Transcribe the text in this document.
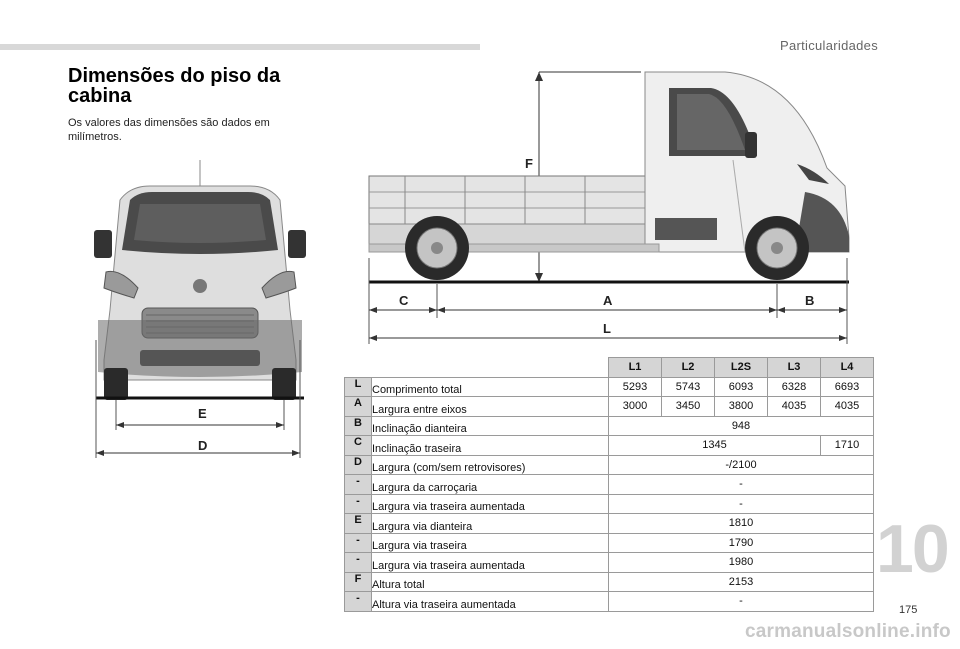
Particularidades
Dimensões do piso da cabina
Os valores das dimensões são dados em milímetros.
E
D
F
C	A	B
L
		L1	L2	L2S	L3	L4
L	Comprimento total	5293	5743	6093	6328	6693
A	Largura entre eixos	3000	3450	3800	4035	4035
B	Inclinação dianteira	948				
C	Inclinação traseira	1345				1710
D	Largura (com/sem retrovisores)	-/2100				
-	Largura da carroçaria	-				
-	Largura via traseira aumentada	-				
E	Largura via dianteira	1810				
-	Largura via traseira	1790				
-	Largura via traseira aumentada	1980				
F	Altura total	2153				
-	Altura via traseira aumentada	-				
10
175
carmanualsonline.info
